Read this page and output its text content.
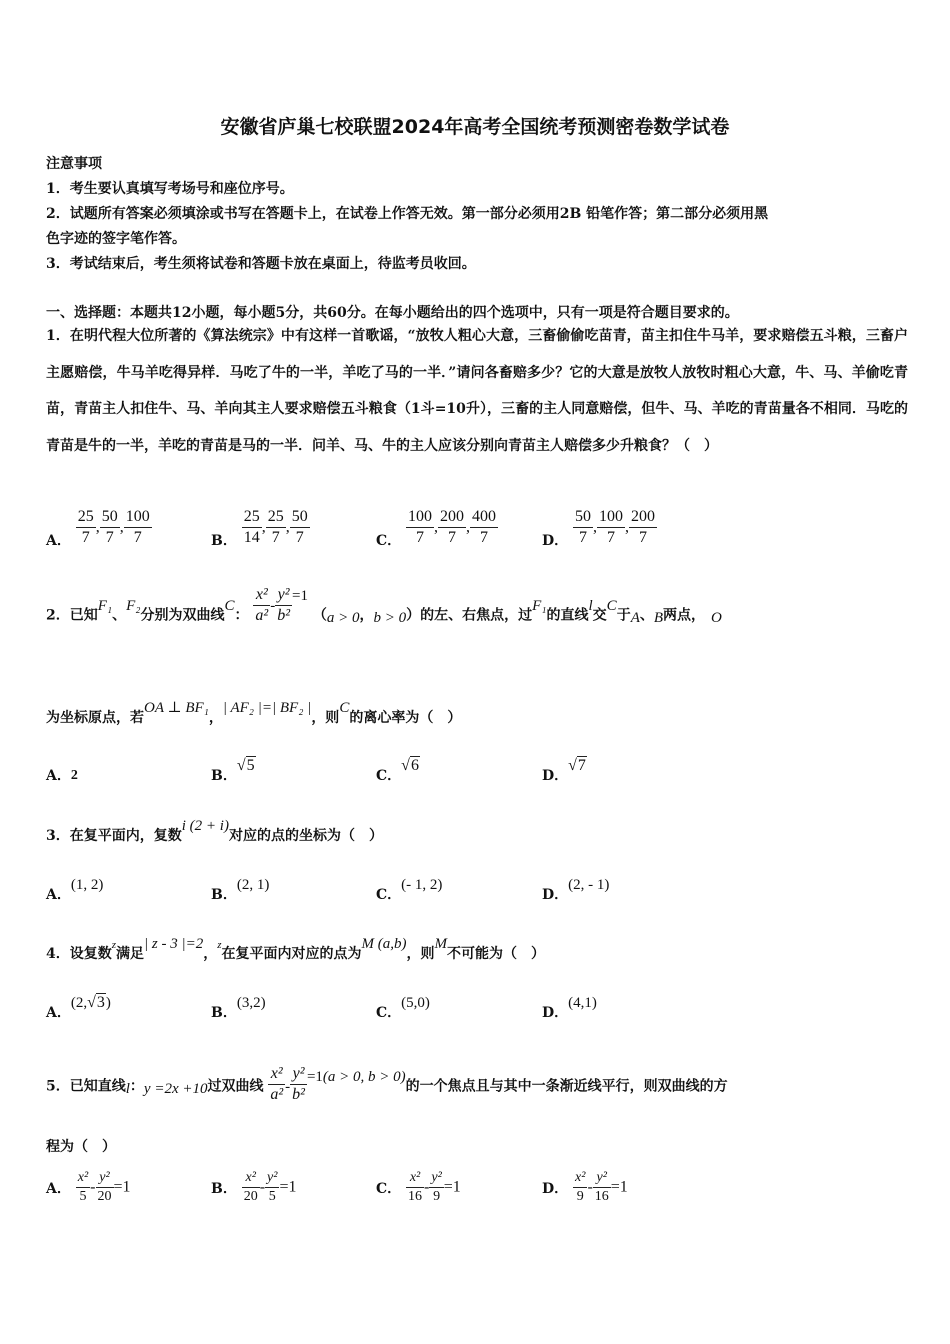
安徽省庐巢七校联盟2024年高考全国统考预测密卷数学试卷
注意事项
1．考生要认真填写考场号和座位序号。
2．试题所有答案必须填涂或书写在答题卡上，在试卷上作答无效。第一部分必须用2B 铅笔作答；第二部分必须用黑
色字迹的签字笔作答。
3．考试结束后，考生须将试卷和答题卡放在桌面上，待监考员收回。
一、选择题：本题共12小题，每小题5分，共60分。在每小题给出的四个选项中，只有一项是符合题目要求的。
1．在明代程大位所著的《算法统宗》中有这样一首歌谣，“放牧人粗心大意，三畜偷偷吃苗青，苗主扣住牛马羊，要求赔偿五斗粮，三畜户主愿赔偿，牛马羊吃得异样．马吃了牛的一半，羊吃了马的一半．”请问各畜赔多少？它的大意是放牧人放牧时粗心大意，牛、马、羊偷吃青苗，青苗主人扣住牛、马、羊向其主人要求赔偿五斗粮食（1斗=10升），三畜的主人同意赔偿，但牛、马、羊吃的青苗量各不相同．马吃的青苗是牛的一半，羊吃的青苗是马的一半．问羊、马、牛的主人应该分别向青苗主人赔偿多少升粮食？（　）
A． $\frac{25}{7}$ , $\frac{50}{7}$ , $\frac{100}{7}$	B． $\frac{25}{14}$ , $\frac{25}{7}$ , $\frac{50}{7}$	C． $\frac{100}{7}$ , $\frac{200}{7}$ , $\frac{400}{7}$	D． $\frac{50}{7}$ , $\frac{100}{7}$ , $\frac{200}{7}$
2．已知F₁、F₂分别为双曲线C： $\frac{\text{x²}}{\text{a²}} - \frac{\text{y²}}{\text{b²}} =1$ （a > 0，b > 0）的左、右焦点，过F₁的直线l交C于A、B两点， O
为坐标原点，若OA ⊥ BF₁，| AF₂ |=| BF₂ |，则C的离心率为（　）
A．2	B．√5
C．√6
D．√7
3．在复平面内，复数i (2 + i)对应的点的坐标为（　）
A．(1, 2)
B．(2, 1)
C．(- 1, 2)
D．(2, - 1)
4．设复数$^z$满足| z - 3 |=2，$^z$在复平面内对应的点为M (a,b)，则M不可能为（　）
A．(2,√3)
B．(3,2)
C．(5,0)
D．(4,1)
5．已知直线l：y =2x +10过双曲线 $\frac{\text{x²}}{\text{a²}} - \frac{\text{y²}}{\text{b²}} =1(a > 0$, b > 0)的一个焦点且与其中一条渐近线平行，则双曲线的方
程为（　）
A． $\frac{\text{x²}}{5} - \frac{\text{y²}}{20} =1$	B． $\frac{\text{x²}}{20} - \frac{\text{y²}}{5} =1$	C． $\frac{\text{x²}}{16} - \frac{\text{y²}}{9} =1$	D． $\frac{\text{x²}}{9} - \frac{\text{y²}}{16} =1$
